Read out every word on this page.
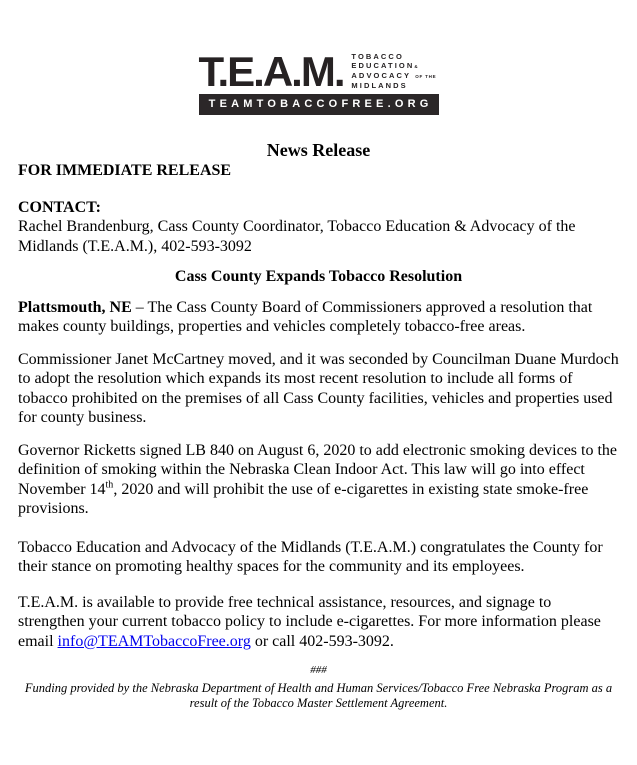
T.E.A.M. TOBACCO
EDUCATION&
ADVOCACY OF THE
MIDLANDS
TEAMTOBACCOFREE.ORG
News Release

FOR IMMEDIATE RELEASE

CONTACT:

Rachel Brandenburg, Cass County Coordinator, Tobacco Education & Advocacy of the Midlands (T.E.A.M.), 402-593-3092

Cass County Expands Tobacco Resolution

Plattsmouth, NE – The Cass County Board of Commissioners approved a resolution that makes county buildings, properties and vehicles completely tobacco-free areas.

Commissioner Janet McCartney moved, and it was seconded by Councilman Duane Murdoch to adopt the resolution which expands its most recent resolution to include all forms of tobacco prohibited on the premises of all Cass County facilities, vehicles and properties used for county business.

Governor Ricketts signed LB 840 on August 6, 2020 to add electronic smoking devices to the definition of smoking within the Nebraska Clean Indoor Act. This law will go into effect November 14th, 2020 and will prohibit the use of e-cigarettes in existing state smoke-free provisions.

Tobacco Education and Advocacy of the Midlands (T.E.A.M.) congratulates the County for their stance on promoting healthy spaces for the community and its employees.

T.E.A.M. is available to provide free technical assistance, resources, and signage to strengthen your current tobacco policy to include e-cigarettes. For more information please email info@TEAMTobaccoFree.org or call 402-593-3092.

###

Funding provided by the Nebraska Department of Health and Human Services/Tobacco Free Nebraska Program as a result of the Tobacco Master Settlement Agreement.
